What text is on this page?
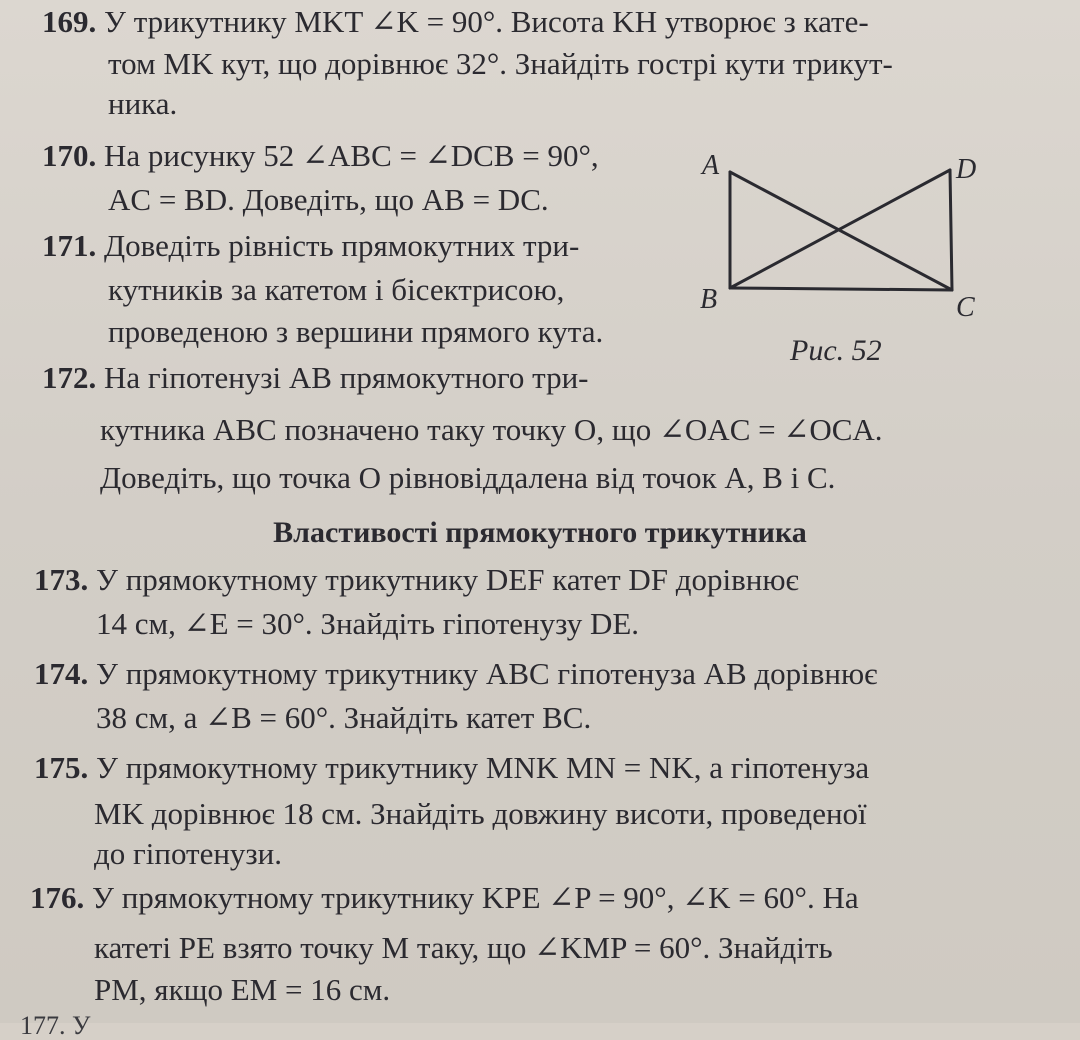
169. У трикутнику MKT ∠K = 90°. Висота KH утворює з кате-
том MK кут, що дорівнює 32°. Знайдіть гострі кути трикут-
ника.
170. На рисунку 52 ∠ABC = ∠DCB = 90°,
AC = BD. Доведіть, що AB = DC.
171. Доведіть рівність прямокутних три-
кутників за катетом і бісектрисою,
проведеною з вершини прямого кута.
A	D
B	C
Рис. 52
172. На гіпотенузі AB прямокутного три-
кутника ABC позначено таку точку O, що ∠OAC = ∠OCA.
Доведіть, що точка O рівновіддалена від точок A, B і C.
Властивості прямокутного трикутника
173. У прямокутному трикутнику DEF катет DF дорівнює
14 см, ∠E = 30°. Знайдіть гіпотенузу DE.
174. У прямокутному трикутнику ABC гіпотенуза AB дорівнює
38 см, а ∠B = 60°. Знайдіть катет BC.
175. У прямокутному трикутнику MNK MN = NK, а гіпотенуза
MK дорівнює 18 см. Знайдіть довжину висоти, проведеної
до гіпотенузи.
176. У прямокутному трикутнику KPE ∠P = 90°, ∠K = 60°. На
катеті PE взято точку M таку, що ∠KMP = 60°. Знайдіть
PM, якщо EM = 16 см.
177. У
